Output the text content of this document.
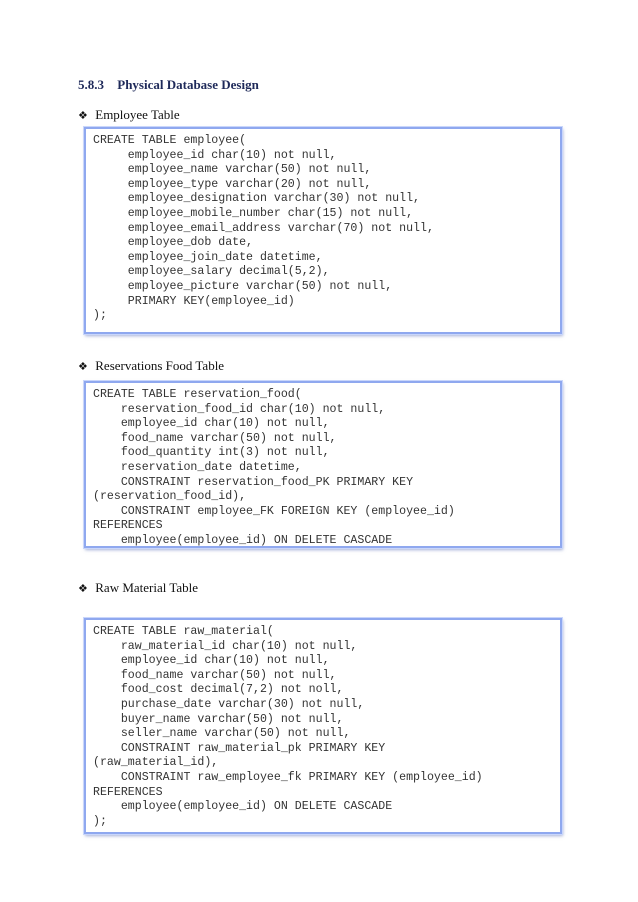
5.8.3 Physical Database Design
❖ Employee Table
CREATE TABLE employee(
employee_id char(10) not null,
employee_name varchar(50) not null,
employee_type varchar(20) not null,
employee_designation varchar(30) not null,
employee_mobile_number char(15) not null,
employee_email_address varchar(70) not null,
employee_dob date,
employee_join_date datetime,
employee_salary decimal(5,2),
employee_picture varchar(50) not null,
PRIMARY KEY(employee_id)
);
❖ Reservations Food Table
CREATE TABLE reservation_food(
reservation_food_id char(10) not null,
employee_id char(10) not null,
food_name varchar(50) not null,
food_quantity int(3) not null,
reservation_date datetime,
CONSTRAINT reservation_food_PK PRIMARY KEY
(reservation_food_id),
CONSTRAINT employee_FK FOREIGN KEY (employee_id)
REFERENCES
employee(employee_id) ON DELETE CASCADE
❖ Raw Material Table
CREATE TABLE raw_material(
raw_material_id char(10) not null,
employee_id char(10) not null,
food_name varchar(50) not null,
food_cost decimal(7,2) not noll,
purchase_date varchar(30) not null,
buyer_name varchar(50) not null,
seller_name varchar(50) not null,
CONSTRAINT raw_material_pk PRIMARY KEY
(raw_material_id),
CONSTRAINT raw_employee_fk PRIMARY KEY (employee_id)
REFERENCES
employee(employee_id) ON DELETE CASCADE
);
